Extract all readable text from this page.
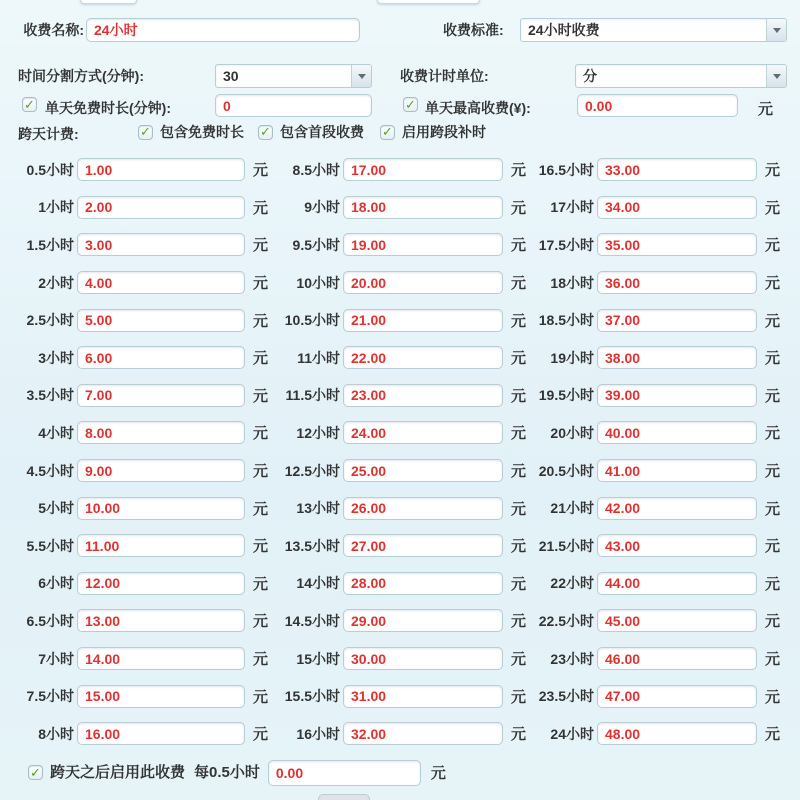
收费名称: 24小时	收费标准:	24小时收费
时间分割方式(分钟):	30	收费计时单位:	分
✓ 单天免费时长(分钟):	0	✓ 单天最高收费(¥):	0.00	元
跨天计费:	✓ 包含免费时长 ✓ 包含首段收费 ✓ 启用跨段补时
0.5小时 1.00	元
1小时 2.00	元
1.5小时 3.00	元
2小时 4.00	元
2.5小时 5.00	元
3小时 6.00	元
3.5小时 7.00	元
4小时 8.00	元
4.5小时 9.00	元
5小时 10.00	元
5.5小时 11.00	元
6小时 12.00	元
6.5小时 13.00	元
7小时 14.00	元
7.5小时 15.00	元
8小时 16.00	元
8.5小时 17.00	元
9小时 18.00	元
9.5小时 19.00	元
10小时 20.00	元
10.5小时 21.00	元
11小时 22.00	元
11.5小时 23.00	元
12小时 24.00	元
12.5小时 25.00	元
13小时 26.00	元
13.5小时 27.00	元
14小时 28.00	元
14.5小时 29.00	元
15小时 30.00	元
15.5小时 31.00	元
16小时 32.00	元
16.5小时 33.00	元
17小时 34.00	元
17.5小时 35.00	元
18小时 36.00	元
18.5小时 37.00	元
19小时 38.00	元
19.5小时 39.00	元
20小时 40.00	元
20.5小时 41.00	元
21小时 42.00	元
21.5小时 43.00	元
22小时 44.00	元
22.5小时 45.00	元
23小时 46.00	元
23.5小时 47.00	元
24小时 48.00	元
✓ 跨天之后启用此收费 每0.5小时 0.00	元
